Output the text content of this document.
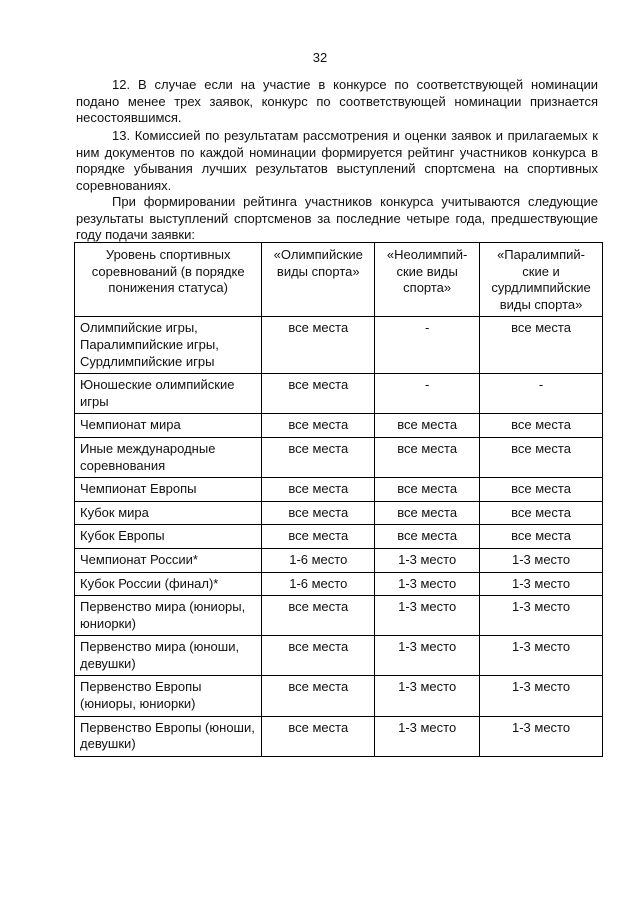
32

12. В случае если на участие в конкурсе по соответствующей номинации подано менее трех заявок, конкурс по соответствующей номинации признается несостоявшимся.

13. Комиссией по результатам рассмотрения и оценки заявок и прилагаемых к ним документов по каждой номинации формируется рейтинг участников конкурса в порядке убывания лучших результатов выступлений спортсмена на спортивных соревнованиях.

При формировании рейтинга участников конкурса учитываются следующие результаты выступлений спортсменов за последние четыре года, предшествующие году подачи заявки:

Уровень спортивных соревнований (в порядке понижения статуса)	«Олимпийские виды спорта»	«Неолимпий-ские виды спорта»	«Паралимпий-ские и сурдлимпийские виды спорта»
Олимпийские игры, Паралимпийские игры, Сурдлимпийские игры	все места	-	все места
Юношеские олимпийские игры	все места	-	-
Чемпионат мира	все места	все места	все места
Иные международные соревнования	все места	все места	все места
Чемпионат Европы	все места	все места	все места
Кубок мира	все места	все места	все места
Кубок Европы	все места	все места	все места
Чемпионат России*	1-6 место	1-3 место	1-3 место
Кубок России (финал)*	1-6 место	1-3 место	1-3 место
Первенство мира (юниоры, юниорки)	все места	1-3 место	1-3 место
Первенство мира (юноши, девушки)	все места	1-3 место	1-3 место
Первенство Европы (юниоры, юниорки)	все места	1-3 место	1-3 место
Первенство Европы (юноши, девушки)	все места	1-3 место	1-3 место
